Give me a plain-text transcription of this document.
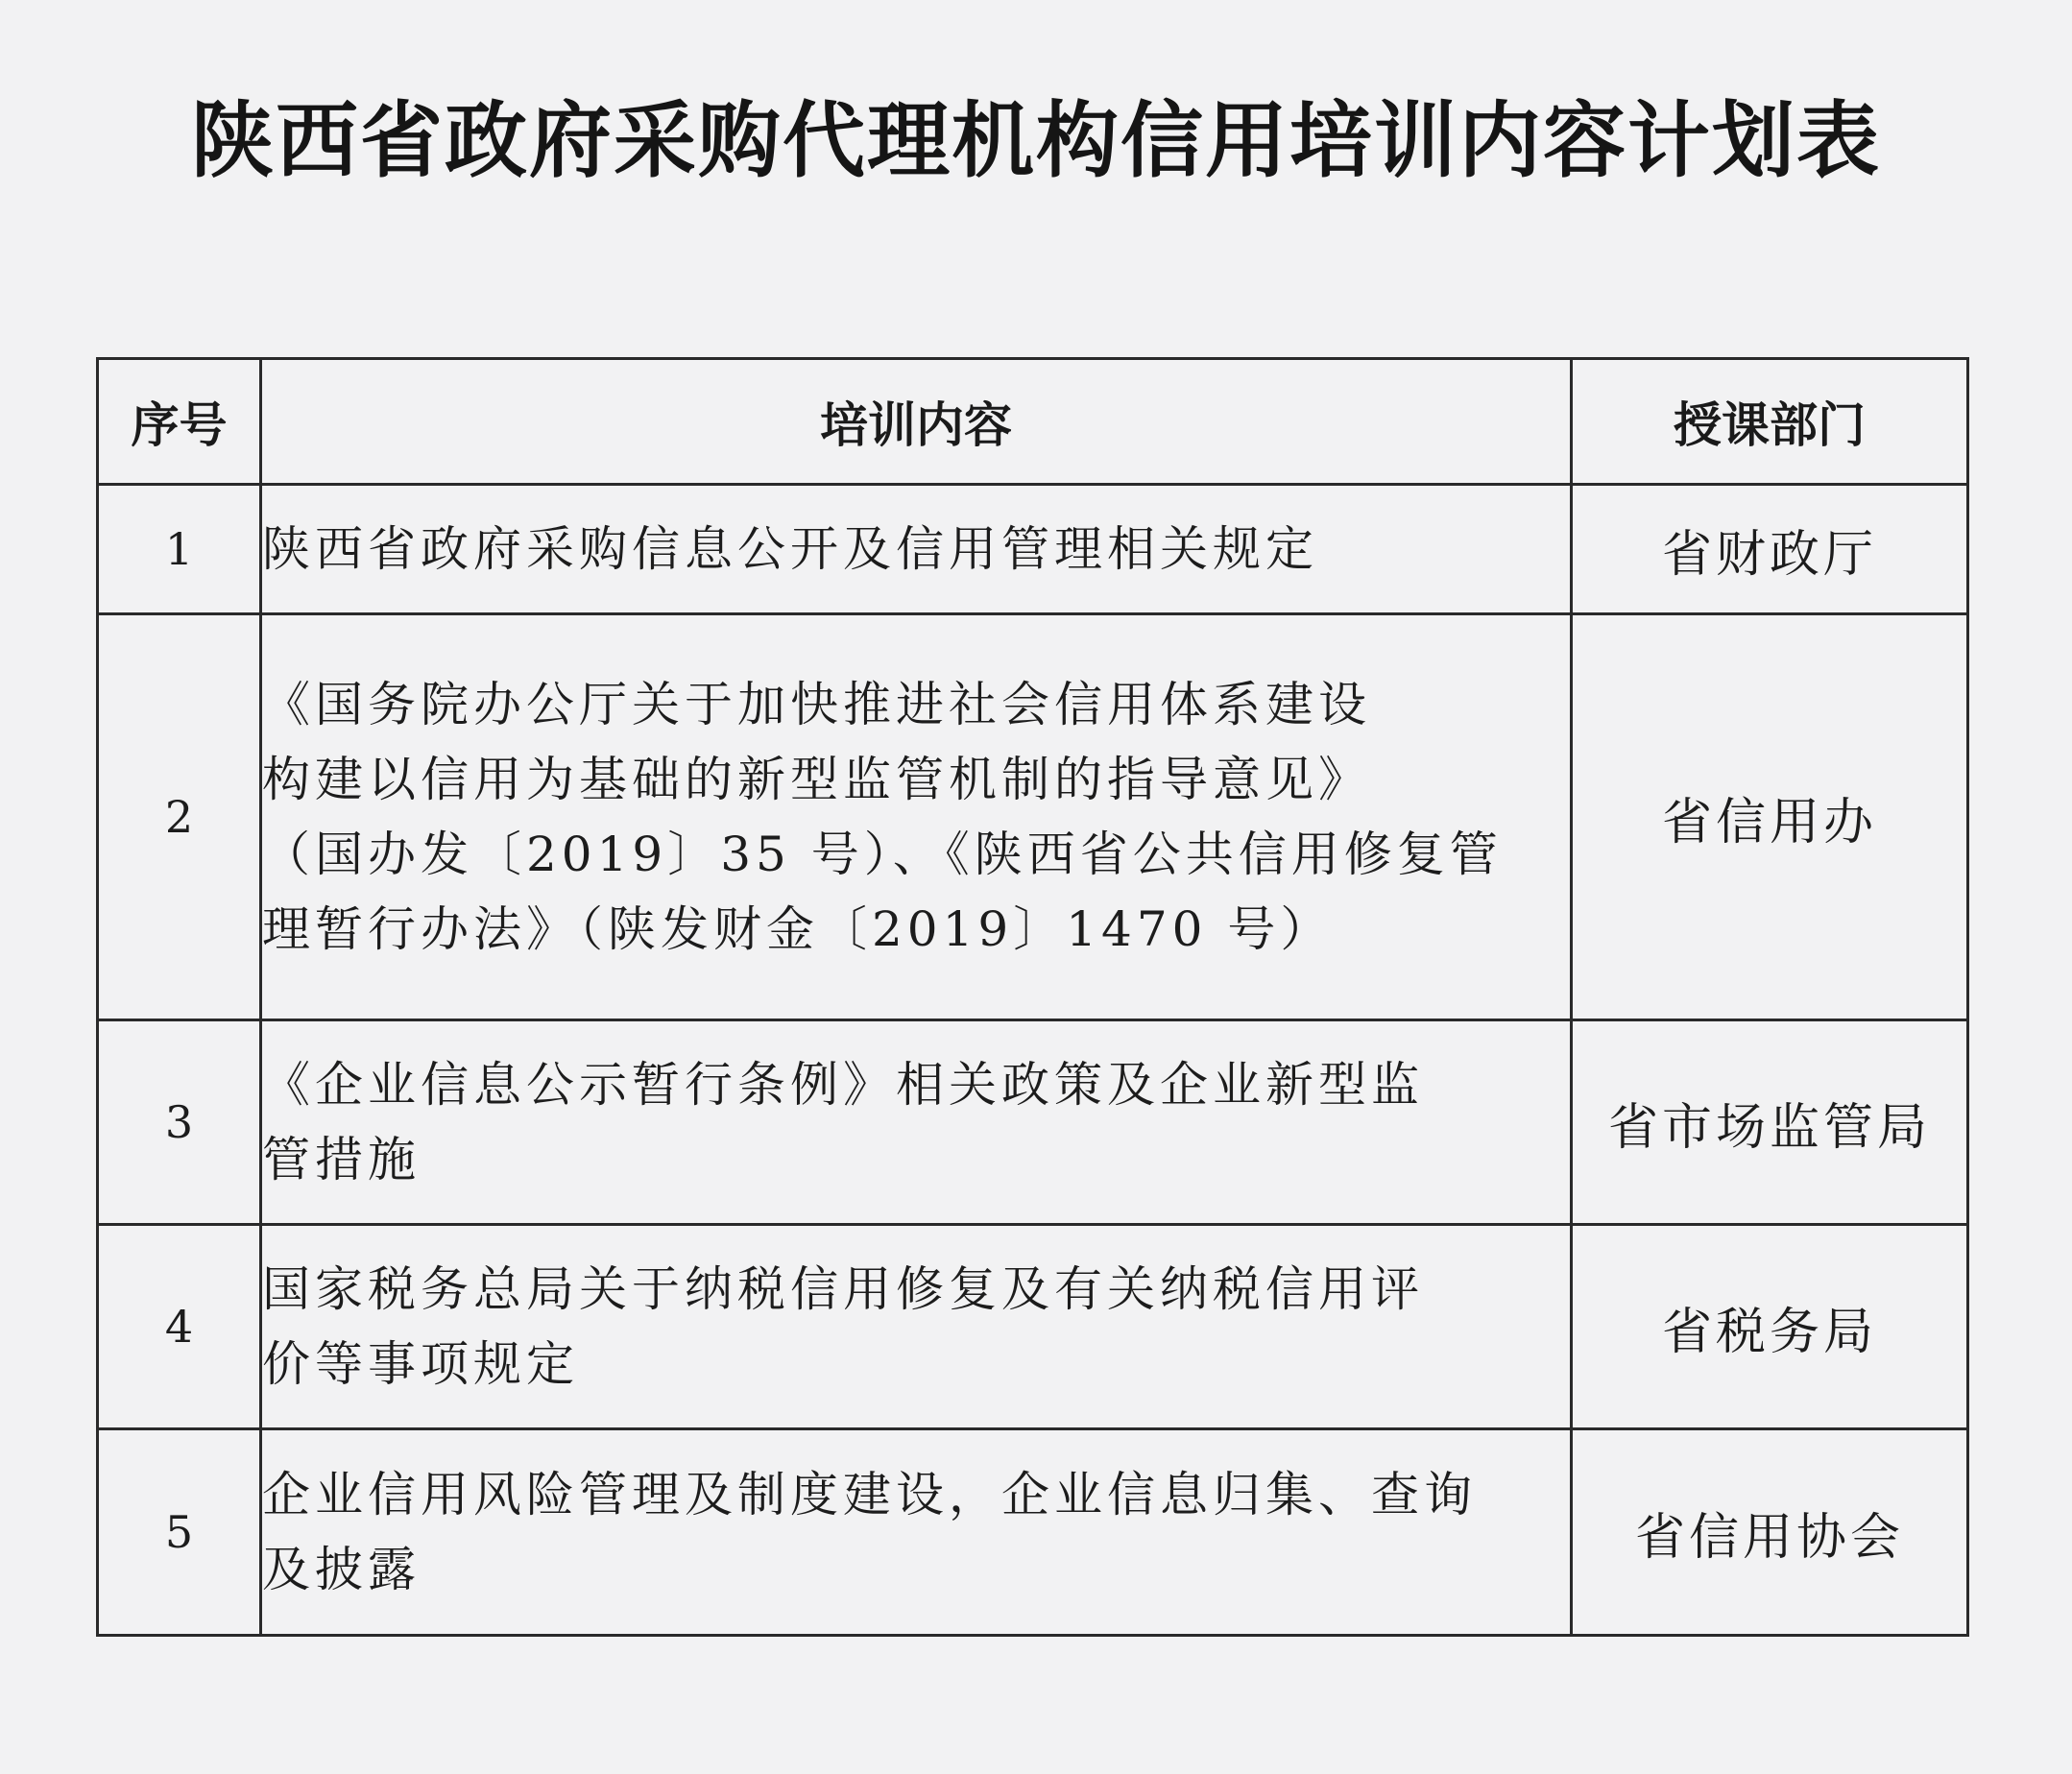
陕西省政府采购代理机构信用培训内容计划表
序号	培训内容	授课部门
1	陕西省政府采购信息公开及信用管理相关规定	省财政厅
2	《国务院办公厅关于加快推进社会信用体系建设
构建以信用为基础的新型监管机制的指导意见》
（国办发〔2019〕35 号）、《陕西省公共信用修复管
理暂行办法》（陕发财金〔2019〕1470 号）	省信用办
3	《企业信息公示暂行条例》相关政策及企业新型监
管措施	省市场监管局
4	国家税务总局关于纳税信用修复及有关纳税信用评
价等事项规定	省税务局
5	企业信用风险管理及制度建设，企业信息归集、查询
及披露	省信用协会
